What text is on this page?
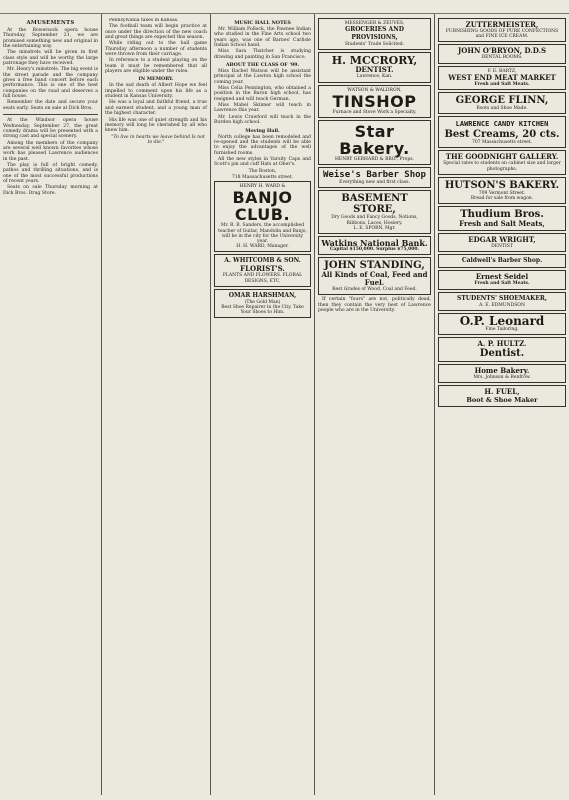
AMUSEMENTS

At the Bowersock opera house Thursday, September 21, we are promised something new and original in the entertaining way.

The minstrels will be given in first class style and will be worthy the large patronage they have received.

Mr. Henry's minstrels. The big event is the street parade and the company gives a free band concert before each performance. This is one of the best companies on the road and deserves a full house.

Remember the date and secure your seats early. Seats on sale at Dick Bros.

At the Windsor opera house Wednesday, September 27, the great comedy drama will be presented with a strong cast and special scenery.

Among the members of the company are several well known favorites whose work has pleased Lawrence audiences in the past.

The play is full of bright comedy, pathos and thrilling situations, and is one of the most successful productions of recent years.

Seats on sale Thursday morning at Dick Bros. Drug Store.

Pennsylvania taxes in Kansas.

The football team will begin practice at once under the direction of the new coach and great things are expected this season.

While riding out to the ball game Thursday afternoon a number of students were thrown from their carriage.

In reference to a student playing on the team it must be remembered that all players are eligible under the rules.

IN MEMORY.

In the sad death of Albert Hope we feel impelled to comment upon his life as a student in Kansas University.

He was a loyal and faithful friend, a true and earnest student, and a young man of the highest character.

His life was one of quiet strength and his memory will long be cherished by all who knew him.

"To live in hearts we leave behind Is not to die."

MUSIC HALL NOTES

Mr. William Pollock, the Pawnee Indian who studied in the Fine Arts school two years ago, was one of Barnes' Carlisle Indian School band.

Miss Sara Thatcher is studying drawing and painting in San Francisco.

ABOUT THE CLASS OF '99.

Miss Rachel Watson will be assistant principal at the Lawton high school the coming year.

Miss Celia Pennington, who obtained a position in the Baron high school, has resigned and will teach German.

Miss Mabel Skinner will teach in Lawrence this year.

Mr. Lewis Crawford will teach in the Burden high school.

Moving Hall.

North college has been remodeled and re-opened and the students will be able to enjoy the advantages of the well furnished rooms.

All the new styles in Varsity Caps and Scott's pin and cuff Hats at Ober's.

The Boston,

718 Massachusetts street.

HENRY H. WARD &
BANJO CLUB.
Mr. R. R. Sanders, the accomplished teacher of Guitar, Mandolin and Banjo, will be in the city for the University year.
H. H. WARD, Manager.
A. WHITCOMB & SON.
FLORIST'S.
PLANTS AND FLOWERS. FLORAL DESIGNS, ETC.
OMAR HARSHMAN,
(The Gold Man)
Best Shoe Repairer in the City. Take Your Shoes to Him.
MESSENGER & ZEUVES,
GROCERIES AND PROVISIONS,
Students' Trade Solicited.
H. MCCRORY,
DENTIST.
Lawrence, Kan.
WATSON & WALDRON,
TINSHOP
Furnace and Stove Work a Specialty.
Star Bakery.
HENRY GERHARD & BRO., Props.
Weise's Barber Shop
Everything new and first class.
BASEMENT STORE,
Dry Goods and Fancy Goods, Notions, Ribbons, Laces, Hosiery.
L. E. SPORN, Mgr.
Watkins National Bank.
Capital $150,000. Surplus $75,000.
JOHN STANDING,
All Kinds of Coal, Feed and Fuel.
Best Grades of Wood, Coal and Feed.

If certain "fours" are not, politically dead, then they contain the very best of Lawrence people who are in the University.

ZUTTERMEISTER,
FURNISHING GOODS OF PURE CONFECTIONS and FINE ICE CREAM.
JOHN O'BRYON, D.D.S
DENTAL ROOMS.
F. E. BARTZ,
WEST END MEAT MARKET
Fresh and Salt Meats.
GEORGE FLINN,
Boots and Shoe Made.
LAWRENCE CANDY KITCHEN
Best Creams, 20 cts.
707 Massachusetts street.
THE GOODNIGHT GALLERY.
Special rates to students on cabinet size and larger photographs.
HUTSON'S BAKERY.
709 Vermont Street.
Bread for sale from wagon.
Thudium Bros.
Fresh and Salt Meats,
EDGAR WRIGHT,
DENTIST
Caldwell's Barber Shop.
Ernest Seidel
Fresh and Salt Meats.
STUDENTS' SHOEMAKER,
A. E. EDMUNDSON
O.P. Leonard
Fine Tailoring.
A. P. HULTZ.
Dentist.
Home Bakery.
Mrs. Johnson & Renfrow.
H. FUEL,
Boot & Shoe Maker
